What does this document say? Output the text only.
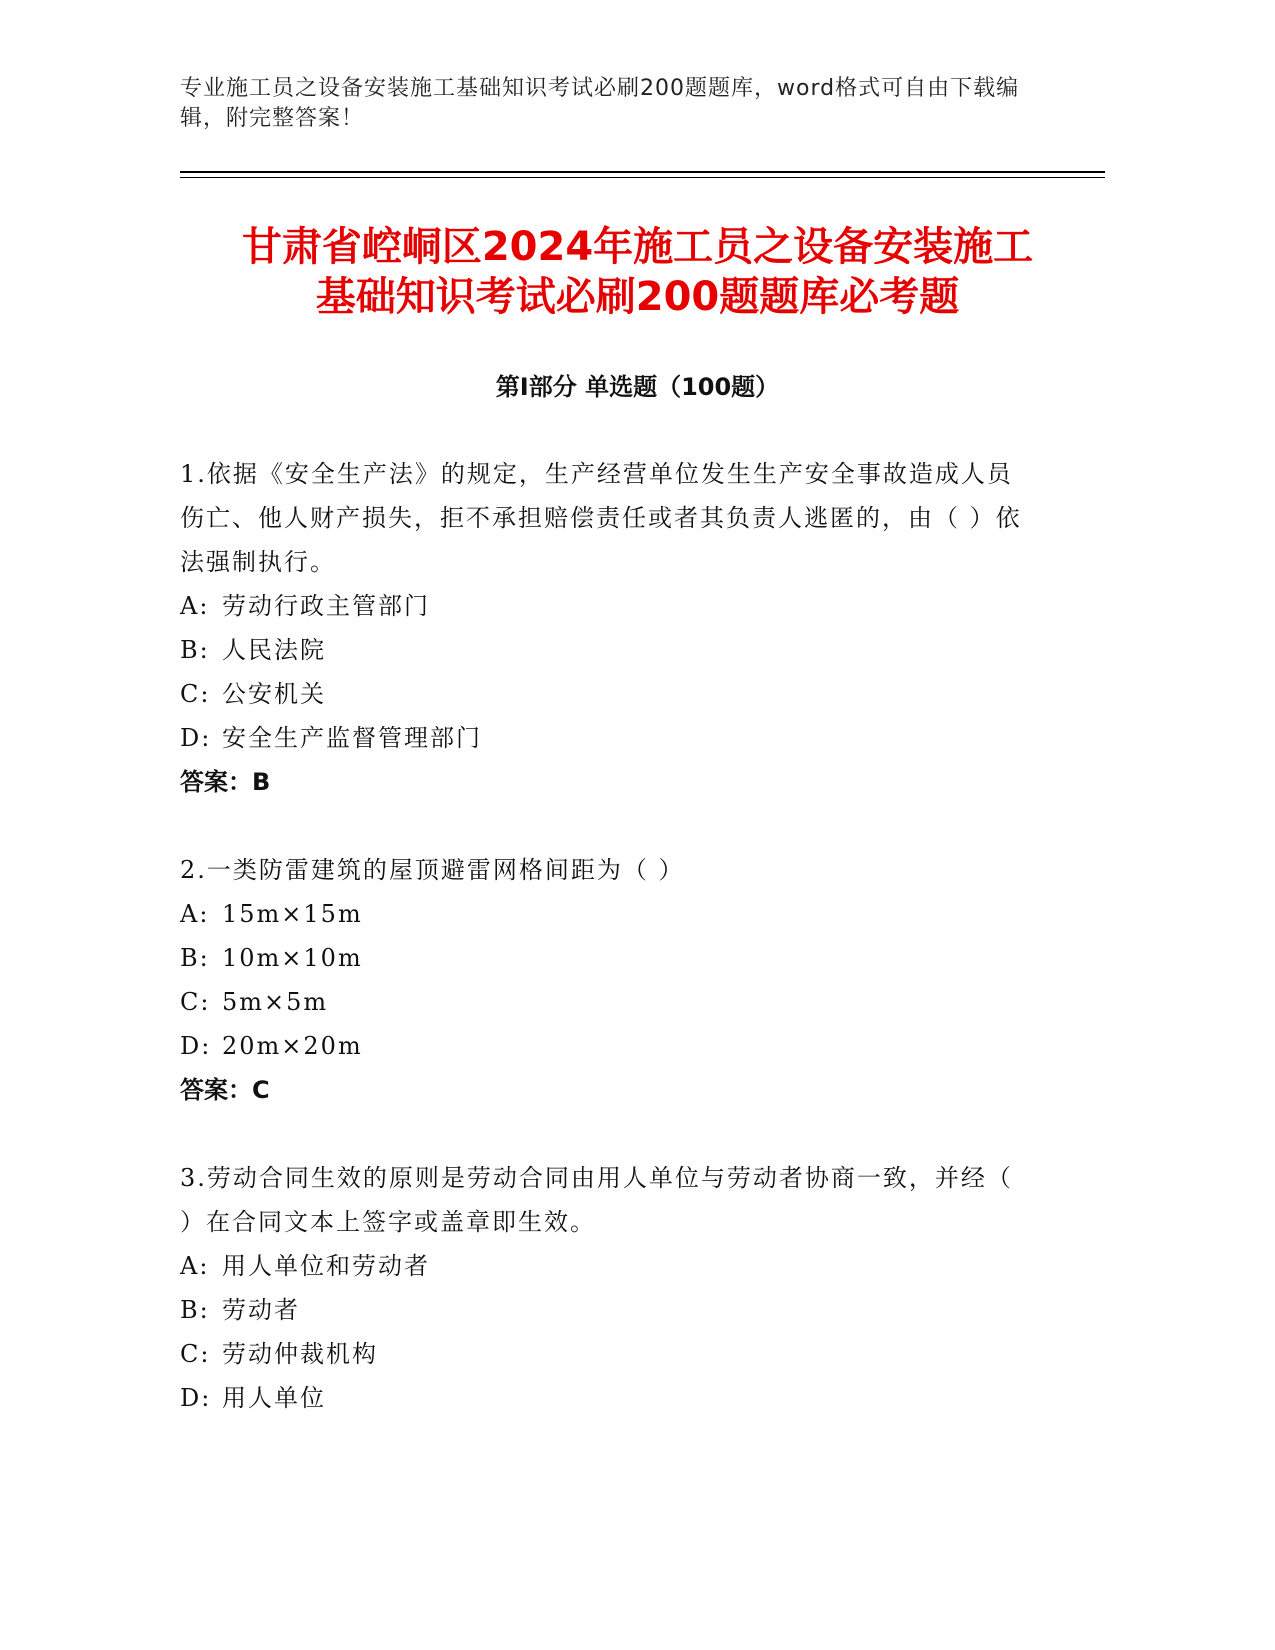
专业施工员之设备安装施工基础知识考试必刷200题题库，word格式可自由下载编辑，附完整答案！
甘肃省崆峒区2024年施工员之设备安装施工
基础知识考试必刷200题题库必考题
第Ⅰ部分 单选题（100题）
1.依据《安全生产法》的规定，生产经营单位发生生产安全事故造成人员伤亡、他人财产损失，拒不承担赔偿责任或者其负责人逃匿的，由（ ）依法强制执行。
A: 劳动行政主管部门
B: 人民法院
C: 公安机关
D: 安全生产监督管理部门
答案：B
2.一类防雷建筑的屋顶避雷网格间距为（ ）
A: 15m×15m
B: 10m×10m
C: 5m×5m
D: 20m×20m
答案：C
3.劳动合同生效的原则是劳动合同由用人单位与劳动者协商一致，并经（ ）在合同文本上签字或盖章即生效。
A: 用人单位和劳动者
B: 劳动者
C: 劳动仲裁机构
D: 用人单位
